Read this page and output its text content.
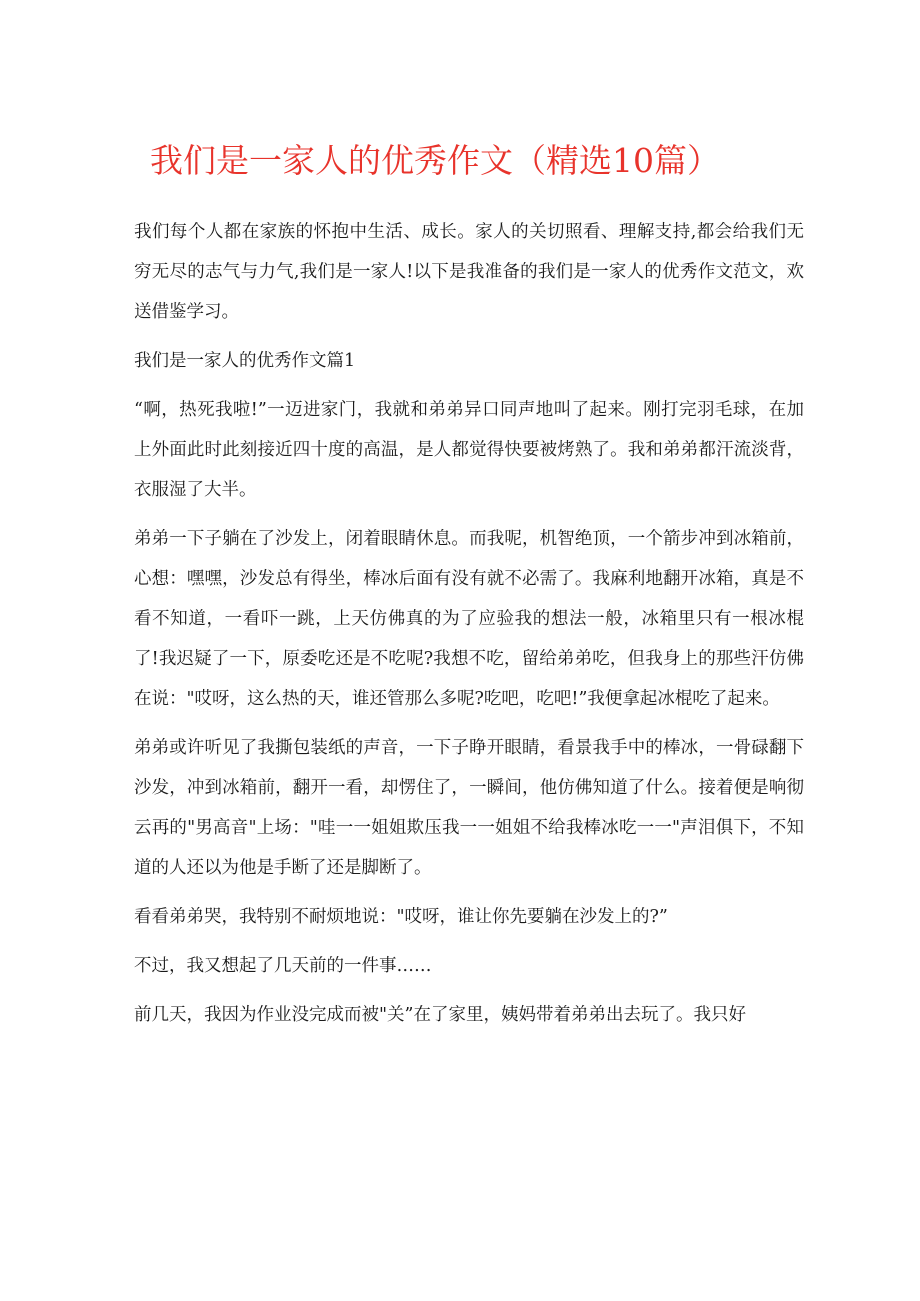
我们是一家人的优秀作文（精选10篇）

我们每个人都在家族的怀抱中生活、成长。家人的关切照看、理解支持,都会给我们无穷无尽的志气与力气,我们是一家人!以下是我准备的我们是一家人的优秀作文范文，欢送借鉴学习。

我们是一家人的优秀作文篇1

“啊，热死我啦!”一迈进家门，我就和弟弟异口同声地叫了起来。刚打完羽毛球，在加上外面此时此刻接近四十度的高温，是人都觉得快要被烤熟了。我和弟弟都汗流淡背，衣服湿了大半。

弟弟一下子躺在了沙发上，闭着眼睛休息。而我呢，机智绝顶，一个箭步冲到冰箱前，心想：嘿嘿，沙发总有得坐，棒冰后面有没有就不必需了。我麻利地翻开冰箱，真是不看不知道，一看吓一跳，上天仿佛真的为了应验我的想法一般，冰箱里只有一根冰棍了!我迟疑了一下，原委吃还是不吃呢?我想不吃，留给弟弟吃，但我身上的那些汗仿佛在说："哎呀，这么热的天，谁还管那么多呢?吃吧，吃吧!”我便拿起冰棍吃了起来。

弟弟或许听见了我撕包装纸的声音，一下子睁开眼睛，看景我手中的棒冰，一骨碌翻下沙发，冲到冰箱前，翻开一看，却愣住了，一瞬间，他仿佛知道了什么。接着便是响彻云再的"男高音"上场："哇一一姐姐欺压我一一姐姐不给我棒冰吃一一"声泪俱下，不知道的人还以为他是手断了还是脚断了。

看看弟弟哭，我特别不耐烦地说："哎呀，谁让你先要躺在沙发上的?”

不过，我又想起了几天前的一件事……

前几天，我因为作业没完成而被"关”在了家里，姨妈带着弟弟出去玩了。我只好
